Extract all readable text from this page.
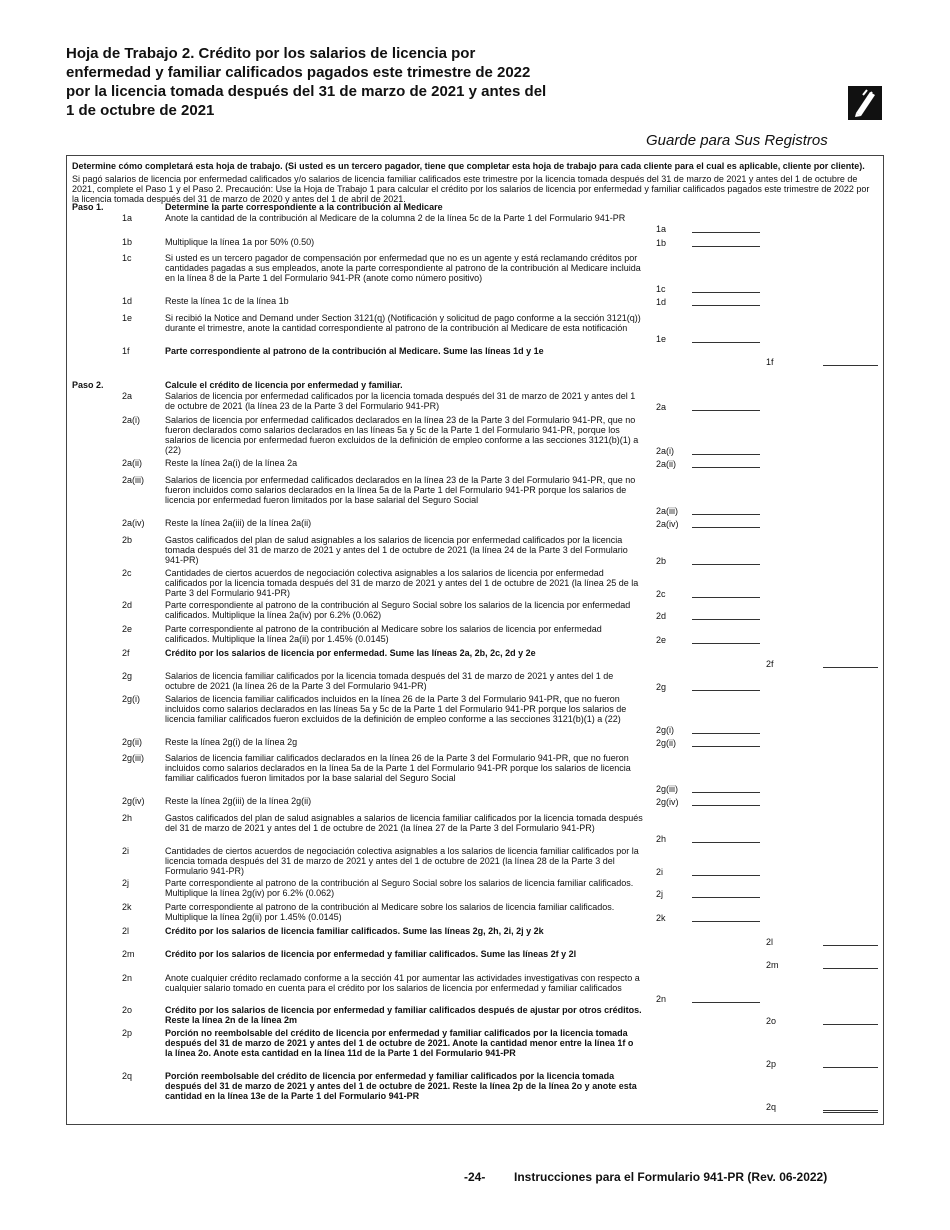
Hoja de Trabajo 2. Crédito por los salarios de licencia por
enfermedad y familiar calificados pagados este trimestre de 2022
por la licencia tomada después del 31 de marzo de 2021 y antes del
1 de octubre de 2021
Guarde para Sus Registros

Determine cómo completará esta hoja de trabajo. (Si usted es un tercero pagador, tiene que completar esta hoja de trabajo para cada cliente para el cual es aplicable, cliente por cliente).

Si pagó salarios de licencia por enfermedad calificados y/o salarios de licencia familiar calificados este trimestre por la licencia tomada después del 31 de marzo de 2021 y antes del 1 de octubre de 2021, complete el Paso 1 y el Paso 2. Precaución: Use la Hoja de Trabajo 1 para calcular el crédito por los salarios de licencia por enfermedad y familiar calificados pagados este trimestre de 2022 por la licencia tomada después del 31 de marzo de 2020 y antes del 1 de abril de 2021.

Paso 1.	Determine la parte correspondiente a la contribución al Medicare
Paso 2.	Calcule el crédito de licencia por enfermedad y familiar.
1a	Anote la cantidad de la contribución al Medicare de la columna 2 de la línea 5c de la Parte 1 del Formulario 941-PR
1a
1b	Multiplique la línea 1a por 50% (0.50)	1b
1c	Si usted es un tercero pagador de compensación por enfermedad que no es un agente y está reclamando créditos por cantidades pagadas a sus empleados, anote la parte correspondiente al patrono de la contribución al Medicare incluida en la línea 8 de la Parte 1 del Formulario 941-PR (anote como número positivo)
1c
1d	Reste la línea 1c de la línea 1b	1d
1e	Si recibió la Notice and Demand under Section 3121(q) (Notificación y solicitud de pago conforme a la sección 3121(q)) durante el trimestre, anote la cantidad correspondiente al patrono de la contribución al Medicare de esta notificación
1e
1f	Parte correspondiente al patrono de la contribución al Medicare. Sume las líneas 1d y 1e
1f
2a	Salarios de licencia por enfermedad calificados por la licencia tomada después del 31 de marzo de 2021 y antes del 1 de octubre de 2021 (la línea 23 de la Parte 3 del Formulario 941-PR)	2a
2a(i)	Salarios de licencia por enfermedad calificados declarados en la línea 23 de la Parte 3 del Formulario 941-PR, que no fueron declarados como salarios declarados en las líneas 5a y 5c de la Parte 1 del Formulario 941-PR, porque los salarios de licencia por enfermedad fueron excluidos de la definición de empleo conforme a las secciones 3121(b)(1) a (22)	2a(i)
2a(ii)	Reste la línea 2a(i) de la línea 2a	2a(ii)
2a(iii) Salarios de licencia por enfermedad calificados declarados en la línea 23 de la Parte 3 del Formulario 941-PR, que no fueron incluidos como salarios declarados en la línea 5a de la Parte 1 del Formulario 941-PR porque los salarios de licencia por enfermedad fueron limitados por la base salarial del Seguro Social
2a(iii)
2a(iv) Reste la línea 2a(iii) de la línea 2a(ii)	2a(iv)
2b	Gastos calificados del plan de salud asignables a los salarios de licencia por enfermedad calificados por la licencia tomada después del 31 de marzo de 2021 y antes del 1 de octubre de 2021 (la línea 24 de la Parte 3 del Formulario 941-PR)	2b
2c	Cantidades de ciertos acuerdos de negociación colectiva asignables a los salarios de licencia por enfermedad calificados por la licencia tomada después del 31 de marzo de 2021 y antes del 1 de octubre de 2021 (la línea 25 de la Parte 3 del Formulario 941-PR)	2c
2d	Parte correspondiente al patrono de la contribución al Seguro Social sobre los salarios de la licencia por enfermedad calificados. Multiplique la línea 2a(iv) por 6.2% (0.062)	2d
2e	Parte correspondiente al patrono de la contribución al Medicare sobre los salarios de licencia por enfermedad calificados. Multiplique la línea 2a(ii) por 1.45% (0.0145)	2e
2f	Crédito por los salarios de licencia por enfermedad. Sume las líneas 2a, 2b, 2c, 2d y 2e
2f
2g	Salarios de licencia familiar calificados por la licencia tomada después del 31 de marzo de 2021 y antes del 1 de octubre de 2021 (la línea 26 de la Parte 3 del Formulario 941-PR)	2g
2g(i)	Salarios de licencia familiar calificados incluidos en la línea 26 de la Parte 3 del Formulario 941-PR, que no fueron incluidos como salarios declarados en las líneas 5a y 5c de la Parte 1 del Formulario 941-PR porque los salarios de licencia familiar calificados fueron excluidos de la definición de empleo conforme a las secciones 3121(b)(1) a (22)
2g(i)
2g(ii)	Reste la línea 2g(i) de la línea 2g	2g(ii)
2g(iii) Salarios de licencia familiar calificados declarados en la línea 26 de la Parte 3 del Formulario 941-PR, que no fueron incluidos como salarios declarados en la línea 5a de la Parte 1 del Formulario 941-PR porque los salarios de licencia familiar calificados fueron limitados por la base salarial del Seguro Social
2g(iii)
2g(iv) Reste la línea 2g(iii) de la línea 2g(ii)	2g(iv)
2h	Gastos calificados del plan de salud asignables a salarios de licencia familiar calificados por la licencia tomada después del 31 de marzo de 2021 y antes del 1 de octubre de 2021 (la línea 27 de la Parte 3 del Formulario 941-PR)
2h
2i	Cantidades de ciertos acuerdos de negociación colectiva asignables a los salarios de licencia familiar calificados por la licencia tomada después del 31 de marzo de 2021 y antes del 1 de octubre de 2021 (la línea 28 de la Parte 3 del Formulario 941-PR)	2i
2j	Parte correspondiente al patrono de la contribución al Seguro Social sobre los salarios de licencia familiar calificados. Multiplique la línea 2g(iv) por 6.2% (0.062)	2j
2k	Parte correspondiente al patrono de la contribución al Medicare sobre los salarios de licencia familiar calificados. Multiplique la línea 2g(ii) por 1.45% (0.0145)	2k
2l	Crédito por los salarios de licencia familiar calificados. Sume las líneas 2g, 2h, 2i, 2j y 2k
2l
2m	Crédito por los salarios de licencia por enfermedad y familiar calificados. Sume las líneas 2f y 2l
2m
2n	Anote cualquier crédito reclamado conforme a la sección 41 por aumentar las actividades investigativas con respecto a cualquier salario tomado en cuenta para el crédito por los salarios de licencia por enfermedad y familiar calificados
2n
2o	Crédito por los salarios de licencia por enfermedad y familiar calificados después de ajustar por otros créditos. Reste la línea 2n de la línea 2m	2o
2p	Porción no reembolsable del crédito de licencia por enfermedad y familiar calificados por la licencia tomada después del 31 de marzo de 2021 y antes del 1 de octubre de 2021. Anote la cantidad menor entre la línea 1f o la línea 2o. Anote esta cantidad en la línea 11d de la Parte 1 del Formulario 941-PR
2p
2q	Porción reembolsable del crédito de licencia por enfermedad y familiar calificados por la licencia tomada después del 31 de marzo de 2021 y antes del 1 de octubre de 2021. Reste la línea 2p de la línea 2o y anote esta cantidad en la línea 13e de la Parte 1 del Formulario 941-PR
2q
-24- Instrucciones para el Formulario 941-PR (Rev. 06-2022)
